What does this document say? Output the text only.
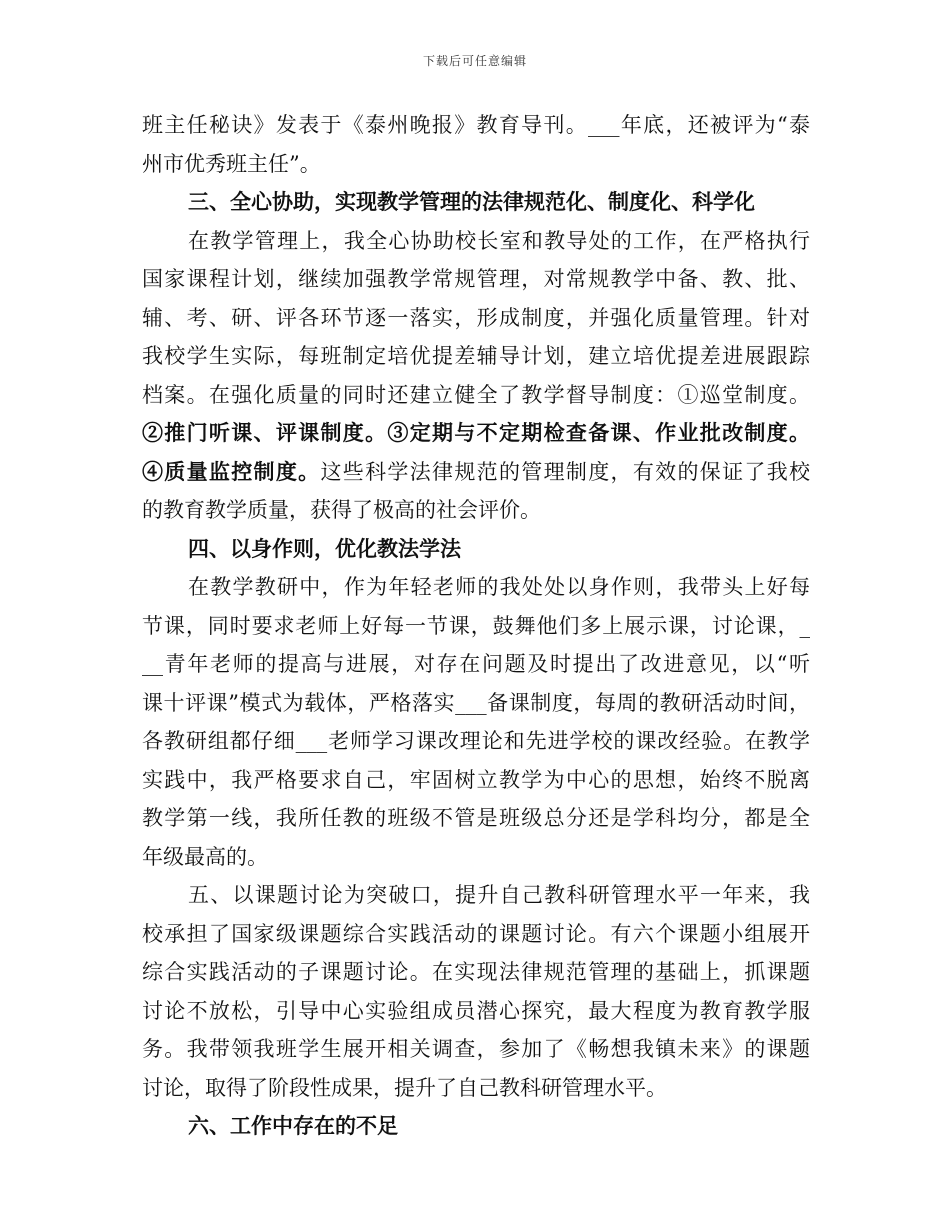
下载后可任意编辑
班主任秘诀》发表于《泰州晚报》教育导刊。___年底，还被评为“泰
州市优秀班主任”。
三、全心协助，实现教学管理的法律规范化、制度化、科学化
在教学管理上，我全心协助校长室和教导处的工作，在严格执行
国家课程计划，继续加强教学常规管理，对常规教学中备、教、批、
辅、考、研、评各环节逐一落实，形成制度，并强化质量管理。针对
我校学生实际，每班制定培优提差辅导计划，建立培优提差进展跟踪
档案。在强化质量的同时还建立健全了教学督导制度：①巡堂制度。
②推门听课、评课制度。③定期与不定期检查备课、作业批改制度。
④质量监控制度。这些科学法律规范的管理制度，有效的保证了我校
的教育教学质量，获得了极高的社会评价。
四、以身作则，优化教法学法
在教学教研中，作为年轻老师的我处处以身作则，我带头上好每
节课，同时要求老师上好每一节课，鼓舞他们多上展示课，讨论课，_
__青年老师的提高与进展，对存在问题及时提出了改进意见，以“听
课十评课”模式为载体，严格落实___备课制度，每周的教研活动时间，
各教研组都仔细___老师学习课改理论和先进学校的课改经验。在教学
实践中，我严格要求自己，牢固树立教学为中心的思想，始终不脱离
教学第一线，我所任教的班级不管是班级总分还是学科均分，都是全
年级最高的。
五、以课题讨论为突破口，提升自己教科研管理水平一年来，我
校承担了国家级课题综合实践活动的课题讨论。有六个课题小组展开
综合实践活动的子课题讨论。在实现法律规范管理的基础上，抓课题
讨论不放松，引导中心实验组成员潜心探究，最大程度为教育教学服
务。我带领我班学生展开相关调查，参加了《畅想我镇未来》的课题
讨论，取得了阶段性成果，提升了自己教科研管理水平。
六、工作中存在的不足
